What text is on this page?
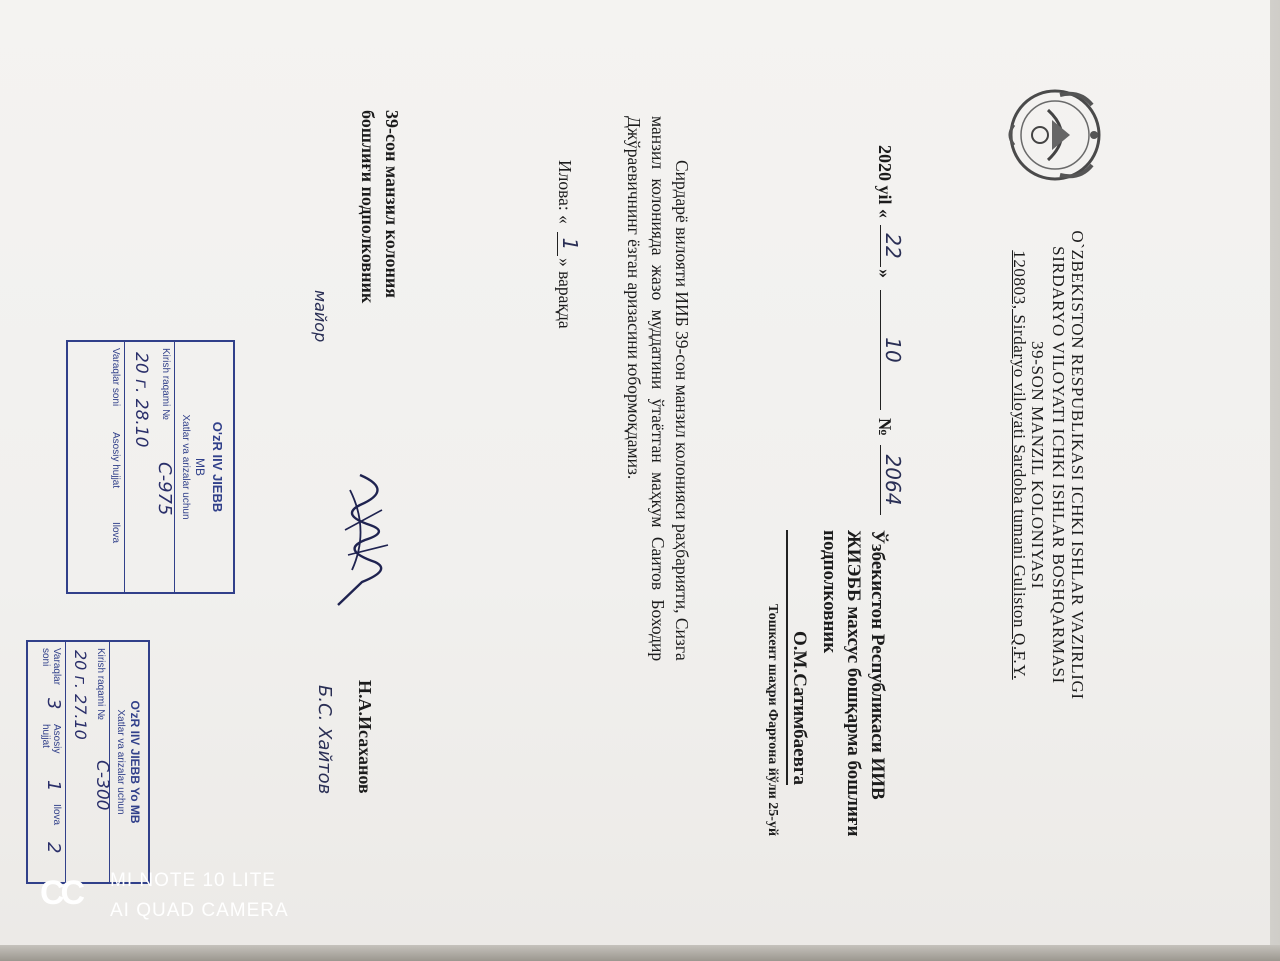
O`ZBEKISTON RESPUBLIKASI ICHKI ISHLAR VAZIRLIGI
SIRDARYO VILOYATI ICHKI ISHLAR BOSHQARMASI
39-SON MANZIL KOLONIYASI
120803, Sirdaryo viloyati Sardoba tumani Guliston Q.F.Y.
Ўзбекистон Республикаси ИИВ
ЖИЭББ махсус бошқарма бошлиғи
подполковник
О.М.Сатимбаевга
Тошкент шаҳри Фарғона йўли 25-уй
2020 yil «
22
»
10
№
2064
Сирдарё вилояти ИИБ 39-сон манзил колонияси раҳбарияти, Сизга
манзил колонияда жазо муддатини ўтаётган маҳкум Саитов Боходир
Джўраевичнинг ёзган аризасини юбормоқдамиз.
Илова: «
1
» варақда
39-сон манзил колония
бошлиғи подполковник
майор
Н.А.Исаханов
Б.С. Хайтов
O'zR IIV JIEBB
MB
Xatlar va arizalar uchun
Kirish raqami №
С-975
20 г. 28.10
Varaqlar soni
Asosiy hujjat
Ilova
O'zR IIV JIEBB Yo MB
Xatlar va arizalar uchun
Kirish raqami №
С-300
20 г. 27.10
Varaqlar soni
3
Asosiy hujjat
1
Ilova
2
CC MI NOTE 10 LITE
AI QUAD CAMERA
